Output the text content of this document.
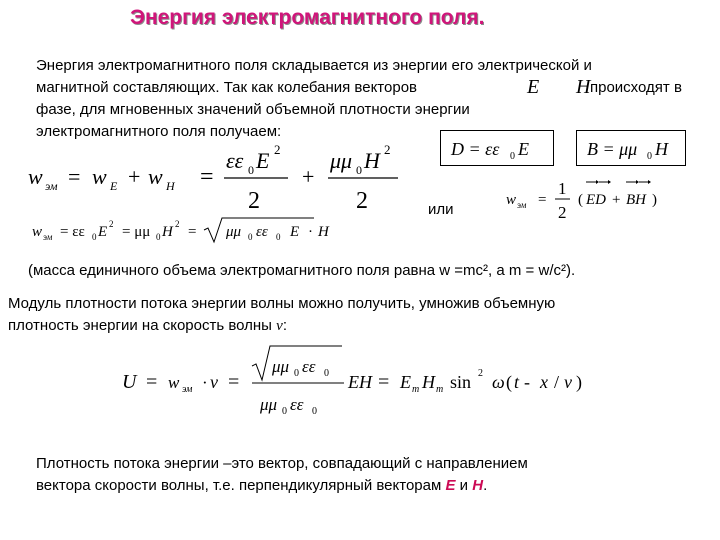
Энергия электромагнитного поля.
Энергия электромагнитного поля складывается из энергии его электрической и
магнитной составляющих. Так как колебания векторов	E H происходят в
фазе, для мгновенных значений объемной плотности энергии
электромагнитного поля получаем:
D = εε 0 E	B = μμ 0 H
w эм = w E + w H =
εε 0 E 2
2
+
μμ 0 H 2
2
w эм = εε 0 E 2 = μμ 0 H 2 = μμ 0 εε 0 E · H
или
w эм =
1
2
( ED + BH )
(масса единичного объема электромагнитного поля равна w =mc², а m = w/c²).
Модуль плотности потока энергии волны можно получить, умножив объемную
плотность энергии на скорость волны v:
U = w эм · v =
μμ 0 εε 0
μμ 0 εε 0
EH = E m H m sin 2 ω ( t - x / v )
Плотность потока энергии –это вектор, совпадающий с направлением
вектора скорости волны, т.е. перпендикулярный векторам E и H.
